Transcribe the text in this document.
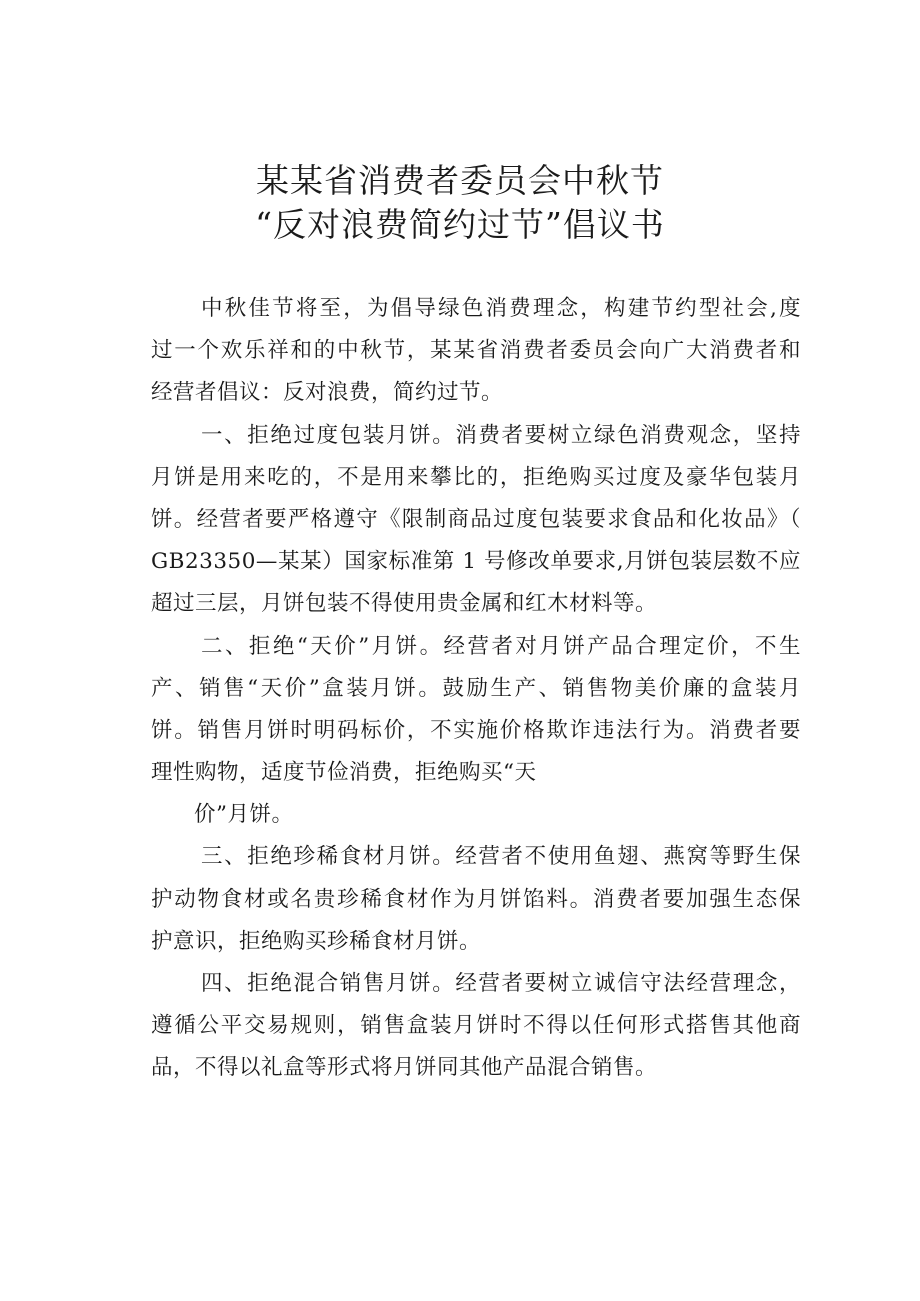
某某省消费者委员会中秋节
“反对浪费简约过节”倡议书
中秋佳节将至，为倡导绿色消费理念，构建节约型社会,度
过一个欢乐祥和的中秋节，某某省消费者委员会向广大消费者和
经营者倡议：反对浪费，简约过节。
一、拒绝过度包装月饼。消费者要树立绿色消费观念，坚持
月饼是用来吃的，不是用来攀比的，拒绝购买过度及豪华包装月
饼。经营者要严格遵守《限制商品过度包装要求食品和化妆品》（
GB23350—某某）国家标准第 1 号修改单要求,月饼包装层数不应
超过三层，月饼包装不得使用贵金属和红木材料等。
二、拒绝“天价”月饼。经营者对月饼产品合理定价，不生
产、销售“天价”盒装月饼。鼓励生产、销售物美价廉的盒装月
饼。销售月饼时明码标价，不实施价格欺诈违法行为。消费者要
理性购物，适度节俭消费，拒绝购买“天
价”月饼。
三、拒绝珍稀食材月饼。经营者不使用鱼翅、燕窝等野生保
护动物食材或名贵珍稀食材作为月饼馅料。消费者要加强生态保
护意识，拒绝购买珍稀食材月饼。
四、拒绝混合销售月饼。经营者要树立诚信守法经营理念，
遵循公平交易规则，销售盒装月饼时不得以任何形式搭售其他商
品，不得以礼盒等形式将月饼同其他产品混合销售。
